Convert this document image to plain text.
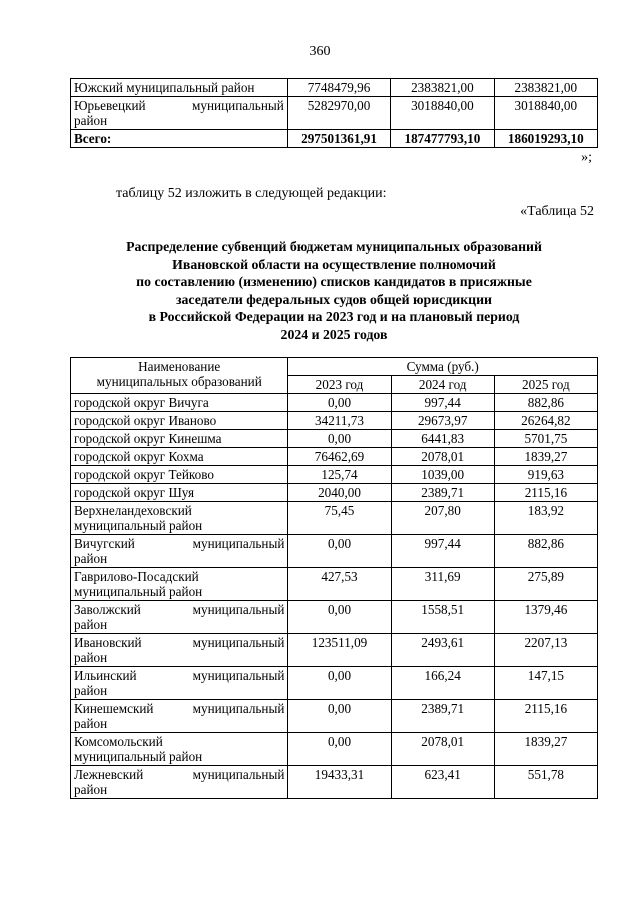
360
Южский муниципальный район	7748479,96	2383821,00	2383821,00

Юрьевецкий муниципальный
район	5282970,00	3018840,00	3018840,00
Всего:	297501361,91	187477793,10	186019293,10
»;
таблицу 52 изложить в следующей редакции:
«Таблица 52
Распределение субвенций бюджетам муниципальных образований
Ивановской области на осуществление полномочий
по составлению (изменению) списков кандидатов в присяжные
заседатели федеральных судов общей юрисдикции
в Российской Федерации на 2023 год и на плановый период
2024 и 2025 годов
Наименование
муниципальных образований	Сумма (руб.)		
	2023 год	2024 год	2025 год
городской округ Вичуга	0,00	997,44	882,86
городской округ Иваново	34211,73	29673,97	26264,82
городской округ Кинешма	0,00	6441,83	5701,75
городской округ Кохма	76462,69	2078,01	1839,27
городской округ Тейково	125,74	1039,00	919,63
городской округ Шуя	2040,00	2389,71	2115,16

Верхнеландеховский
муниципальный район	75,45	207,80	183,92

Вичугский муниципальный
район	0,00	997,44	882,86

Гаврилово-Посадский
муниципальный район	427,53	311,69	275,89

Заволжский муниципальный
район	0,00	1558,51	1379,46

Ивановский муниципальный
район	123511,09	2493,61	2207,13

Ильинский муниципальный
район	0,00	166,24	147,15

Кинешемский муниципальный
район	0,00	2389,71	2115,16

Комсомольский
муниципальный район	0,00	2078,01	1839,27

Лежневский муниципальный
район	19433,31	623,41	551,78
